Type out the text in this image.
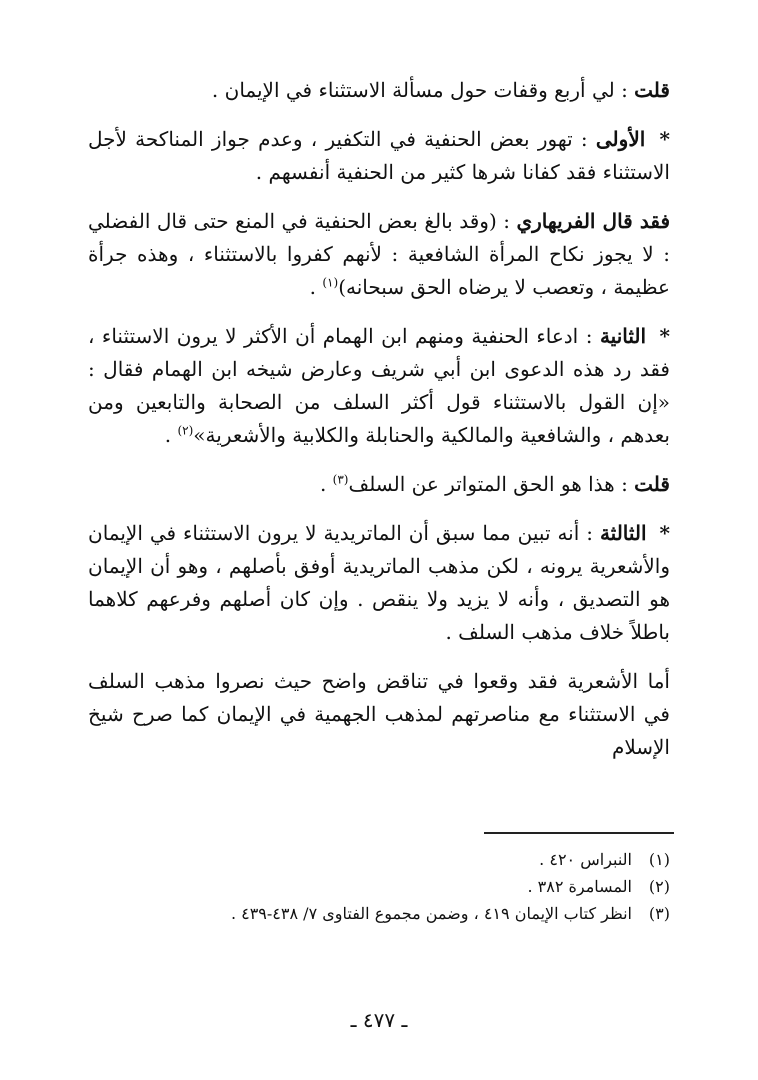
قلت : لي أربع وقفات حول مسألة الاستثناء في الإيمان .

* الأولى : تهور بعض الحنفية في التكفير ، وعدم جواز المناكحة لأجل الاستثناء فقد كفانا شرها كثير من الحنفية أنفسهم .

فقد قال الفريهاري : (وقد بالغ بعض الحنفية في المنع حتى قال الفضلي : لا يجوز نكاح المرأة الشافعية : لأنهم كفروا بالاستثناء ، وهذه جرأة عظيمة ، وتعصب لا يرضاه الحق سبحانه)$^{(١)}$ .

* الثانية : ادعاء الحنفية ومنهم ابن الهمام أن الأكثر لا يرون الاستثناء ، فقد رد هذه الدعوى ابن أبي شريف وعارض شيخه ابن الهمام فقال : «إن القول بالاستثناء قول أكثر السلف من الصحابة والتابعين ومن بعدهم ، والشافعية والمالكية والحنابلة والكلابية والأشعرية»$^{(٢)}$ .

قلت : هذا هو الحق المتواتر عن السلف$^{(٣)}$ .

* الثالثة : أنه تبين مما سبق أن الماتريدية لا يرون الاستثناء في الإيمان والأشعرية يرونه ، لكن مذهب الماتريدية أوفق بأصلهم ، وهو أن الإيمان هو التصديق ، وأنه لا يزيد ولا ينقص . وإن كان أصلهم وفرعهم كلاهما باطلاً خلاف مذهب السلف .

أما الأشعرية فقد وقعوا في تناقض واضح حيث نصروا مذهب السلف في الاستثناء مع مناصرتهم لمذهب الجهمية في الإيمان كما صرح شيخ الإسلام

(١)
النبراس ٤٢٠ .
(٢)
المسامرة ٣٨٢ .
(٣)
انظر كتاب الإيمان ٤١٩ ، وضمن مجموع الفتاوى ٧/ ٤٣٨-٤٣٩ .
ـ ٤٧٧ ـ
